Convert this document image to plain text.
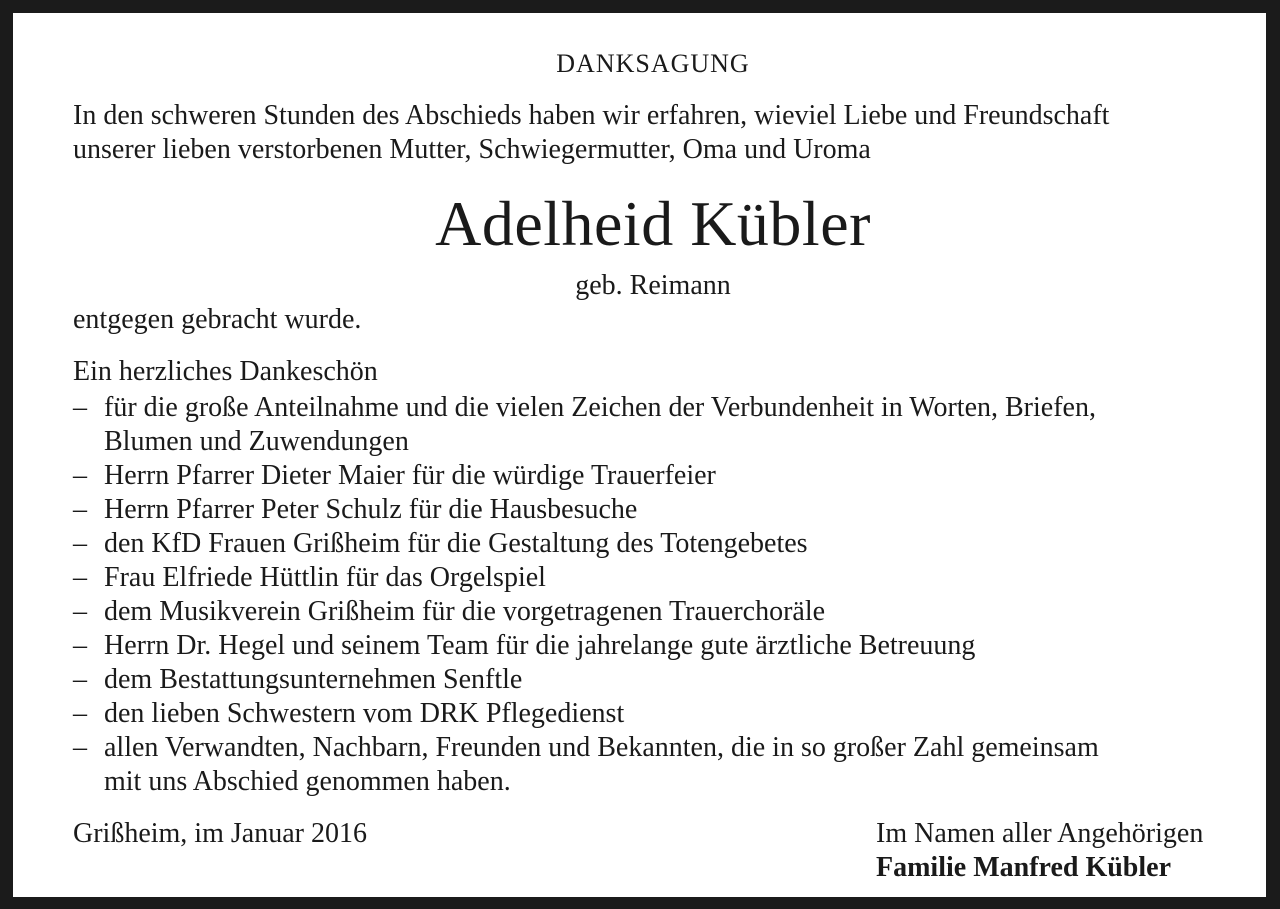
DANKSAGUNG

In den schweren Stunden des Abschieds haben wir erfahren, wieviel Liebe und Freundschaft
unserer lieben verstorbenen Mutter, Schwiegermutter, Oma und Uroma

Adelheid Kübler

geb. Reimann

entgegen gebracht wurde.

Ein herzliches Dankeschön

– für die große Anteilnahme und die vielen Zeichen der Verbundenheit in Worten, Briefen,
Blumen und Zuwendungen
– Herrn Pfarrer Dieter Maier für die würdige Trauerfeier
– Herrn Pfarrer Peter Schulz für die Hausbesuche
– den KfD Frauen Grißheim für die Gestaltung des Totengebetes
– Frau Elfriede Hüttlin für das Orgelspiel
– dem Musikverein Grißheim für die vorgetragenen Trauerchoräle
– Herrn Dr. Hegel und seinem Team für die jahrelange gute ärztliche Betreuung
– dem Bestattungsunternehmen Senftle
– den lieben Schwestern vom DRK Pflegedienst
– allen Verwandten, Nachbarn, Freunden und Bekannten, die in so großer Zahl gemeinsam
mit uns Abschied genommen haben.
Grißheim, im Januar 2016	Im Namen aller Angehörigen
Familie Manfred Kübler
